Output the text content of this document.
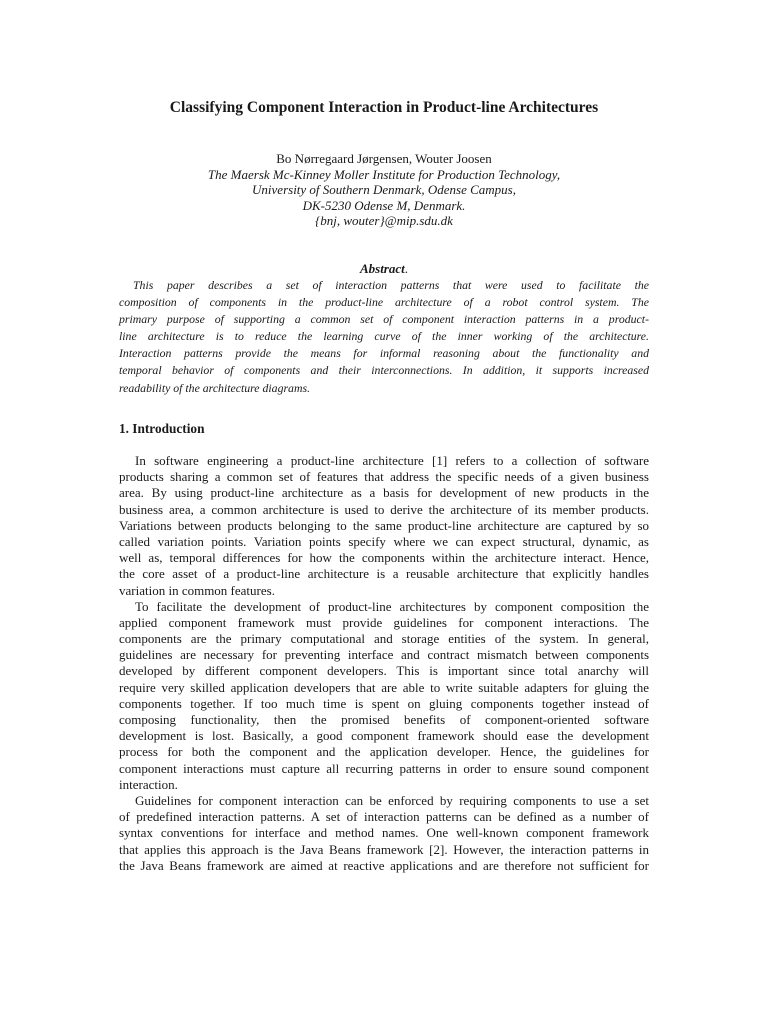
Classifying Component Interaction in Product-line Architectures
Bo Nørregaard Jørgensen, Wouter Joosen
The Maersk Mc-Kinney Moller Institute for Production Technology,
University of Southern Denmark, Odense Campus,
DK-5230 Odense M, Denmark.
{bnj, wouter}@mip.sdu.dk
Abstract.
This paper describes a set of interaction patterns that were used to facilitate the
composition of components in the product-line architecture of a robot control system. The
primary purpose of supporting a common set of component interaction patterns in a product-
line architecture is to reduce the learning curve of the inner working of the architecture.
Interaction patterns provide the means for informal reasoning about the functionality and
temporal behavior of components and their interconnections. In addition, it supports increased
readability of the architecture diagrams.
1. Introduction
In software engineering a product-line architecture [1] refers to a collection of software
products sharing a common set of features that address the specific needs of a given business
area. By using product-line architecture as a basis for development of new products in the
business area, a common architecture is used to derive the architecture of its member products.
Variations between products belonging to the same product-line architecture are captured by so
called variation points. Variation points specify where we can expect structural, dynamic, as
well as, temporal differences for how the components within the architecture interact. Hence,
the core asset of a product-line architecture is a reusable architecture that explicitly handles
variation in common features.
To facilitate the development of product-line architectures by component composition the
applied component framework must provide guidelines for component interactions. The
components are the primary computational and storage entities of the system. In general,
guidelines are necessary for preventing interface and contract mismatch between components
developed by different component developers. This is important since total anarchy will
require very skilled application developers that are able to write suitable adapters for gluing the
components together. If too much time is spent on gluing components together instead of
composing functionality, then the promised benefits of component-oriented software
development is lost. Basically, a good component framework should ease the development
process for both the component and the application developer. Hence, the guidelines for
component interactions must capture all recurring patterns in order to ensure sound component
interaction.
Guidelines for component interaction can be enforced by requiring components to use a set
of predefined interaction patterns. A set of interaction patterns can be defined as a number of
syntax conventions for interface and method names. One well-known component framework
that applies this approach is the Java Beans framework [2]. However, the interaction patterns in
the Java Beans framework are aimed at reactive applications and are therefore not sufficient for
